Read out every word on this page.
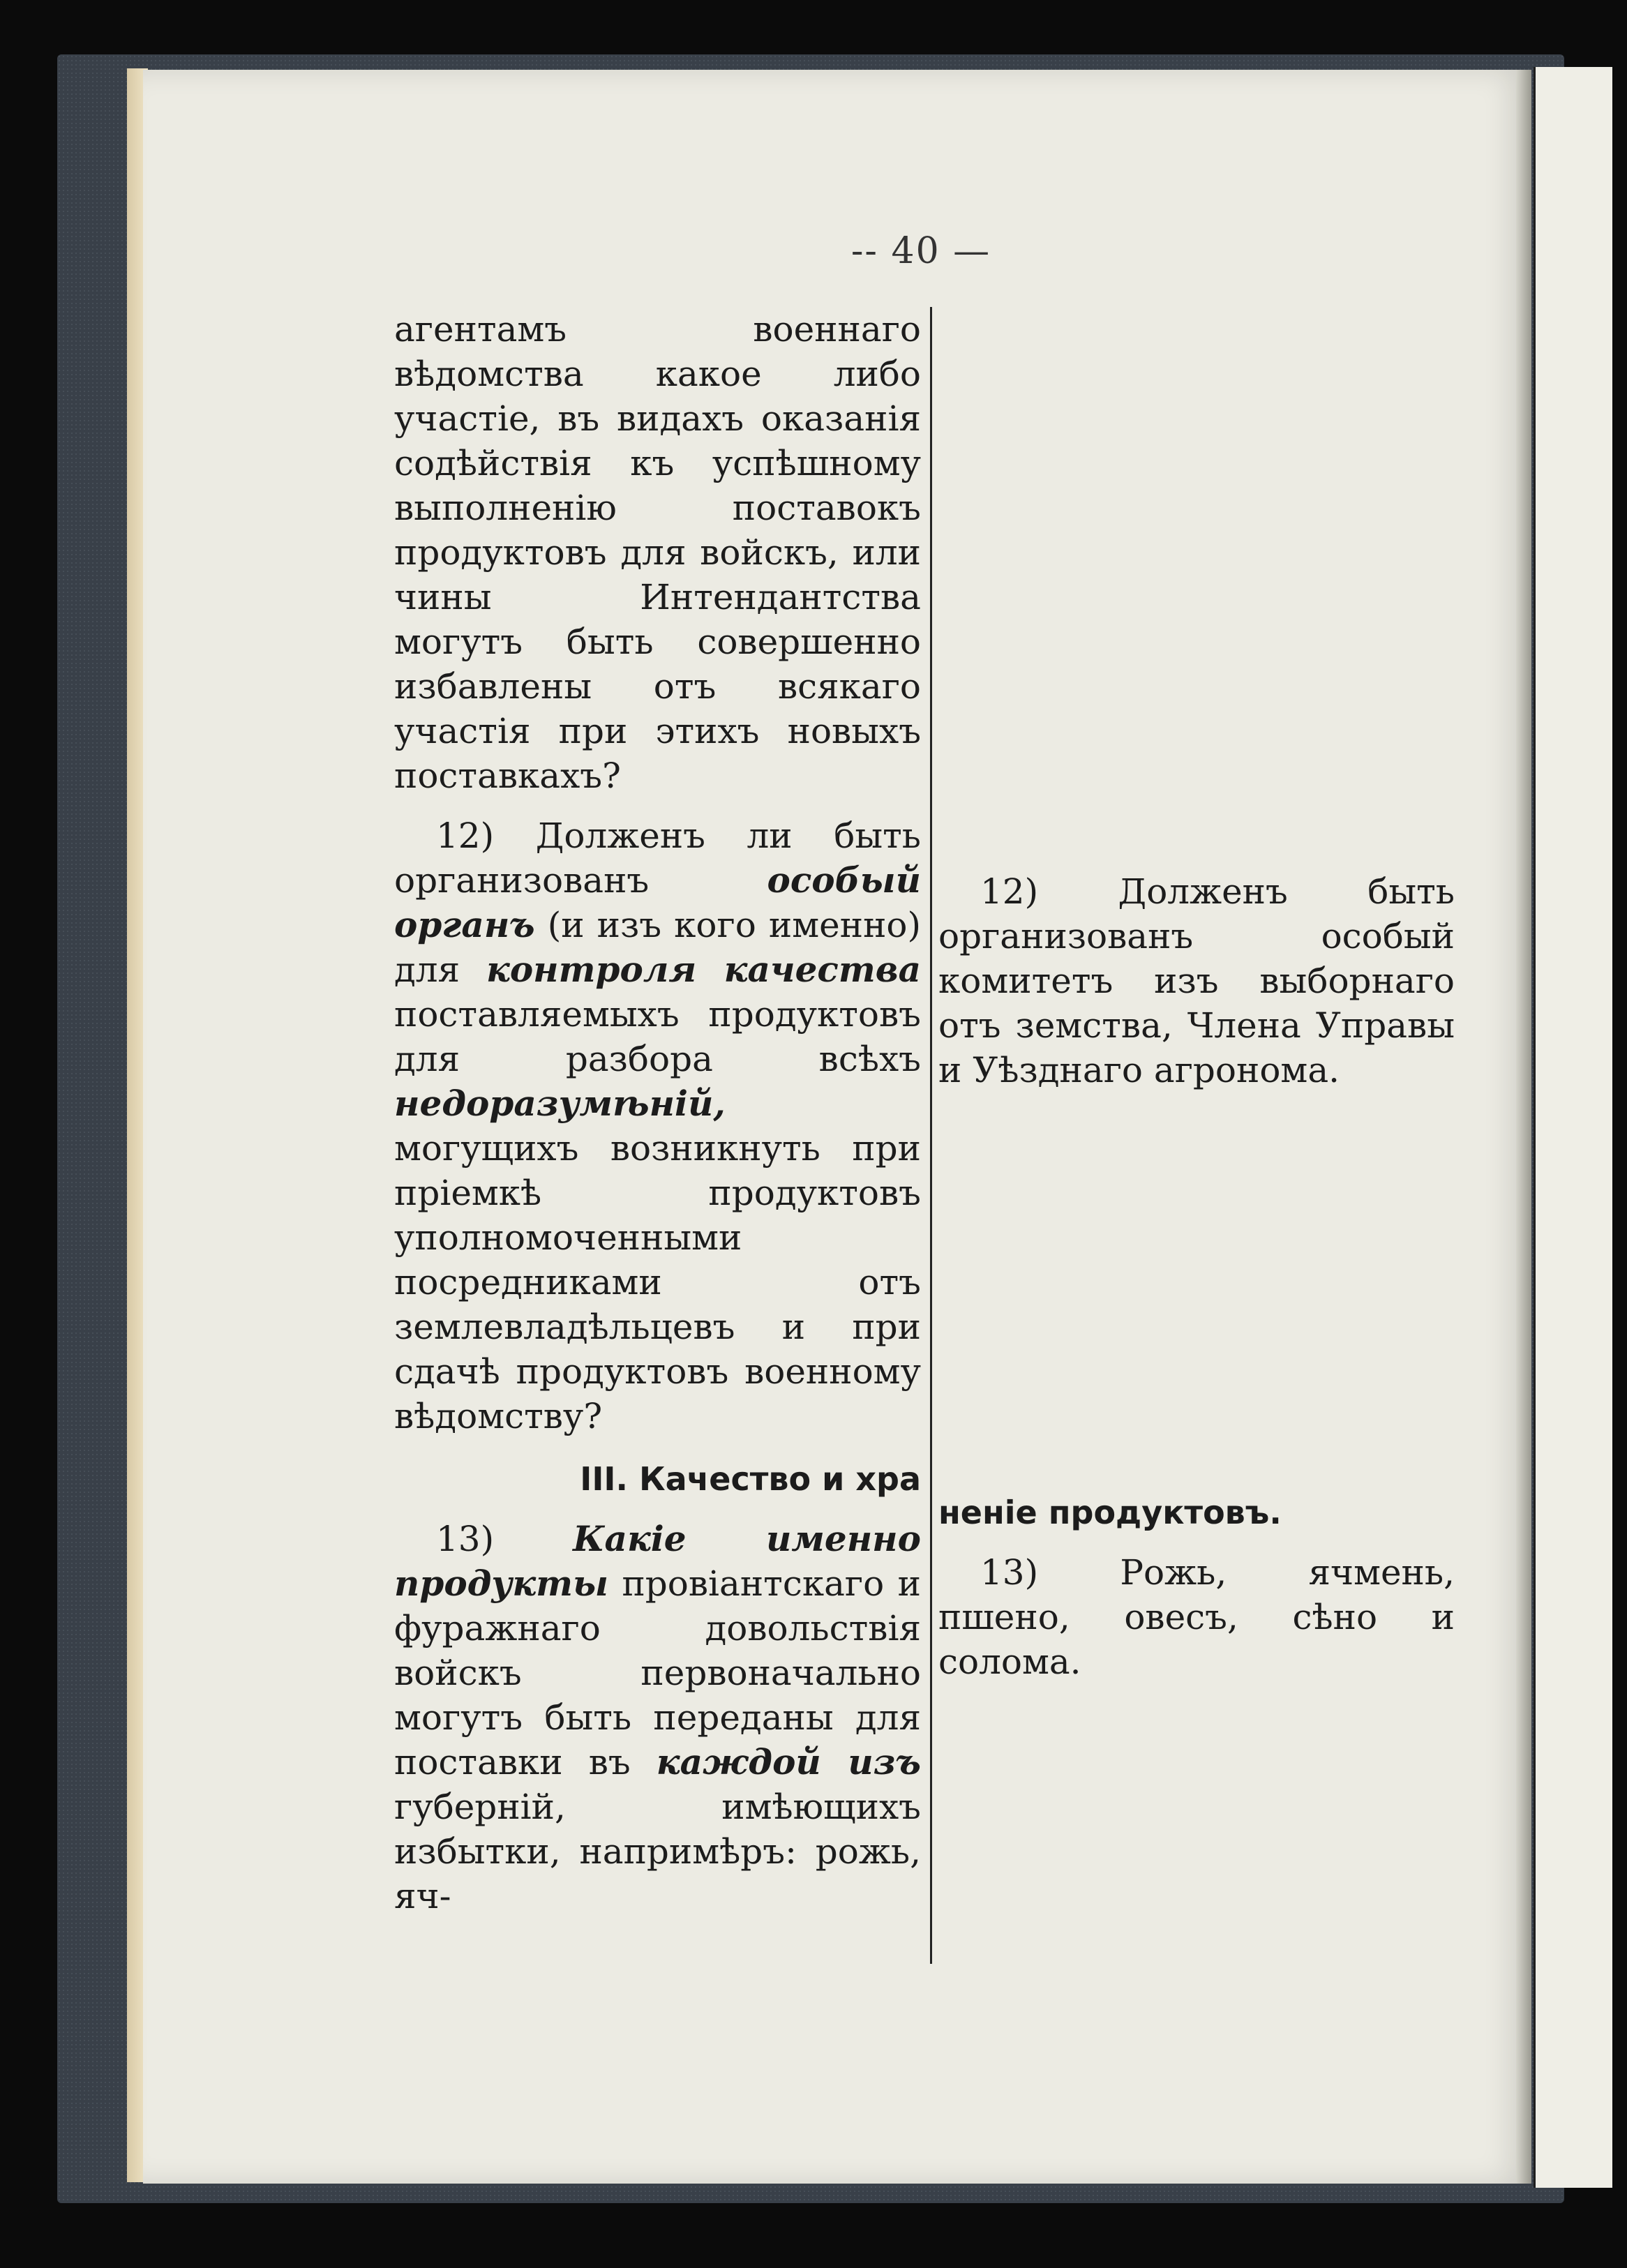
-- 40 —

агентамъ военнаго вѣдомства какое либо участіе, въ видахъ оказанія содѣйствія къ успѣшному выполненію поставокъ продуктовъ для войскъ, или чины Интендантства могутъ быть совершенно избавлены отъ всякаго участія при этихъ новыхъ поставкахъ?

12) Долженъ ли быть организованъ особый органъ (и изъ кого именно) для контроля качества поставляемыхъ продуктовъ для разбора всѣхъ недоразумѣній, могущихъ возникнуть при пріемкѣ продуктовъ уполномоченными посредниками отъ землевладѣльцевъ и при сдачѣ продуктовъ военному вѣдомству?

III. Качество и хра

13) Какіе именно продукты провіантскаго и фуражнаго довольствія войскъ первоначально могутъ быть переданы для поставки въ каждой изъ губерній, имѣющихъ избытки, напримѣръ: рожь, яч-

12) Долженъ быть организованъ особый комитетъ изъ выборнаго отъ земства, Члена Управы и Уѣзднаго агронома.

неніе продуктовъ.

13) Рожь, ячмень, пшено, овесъ, сѣно и солома.
